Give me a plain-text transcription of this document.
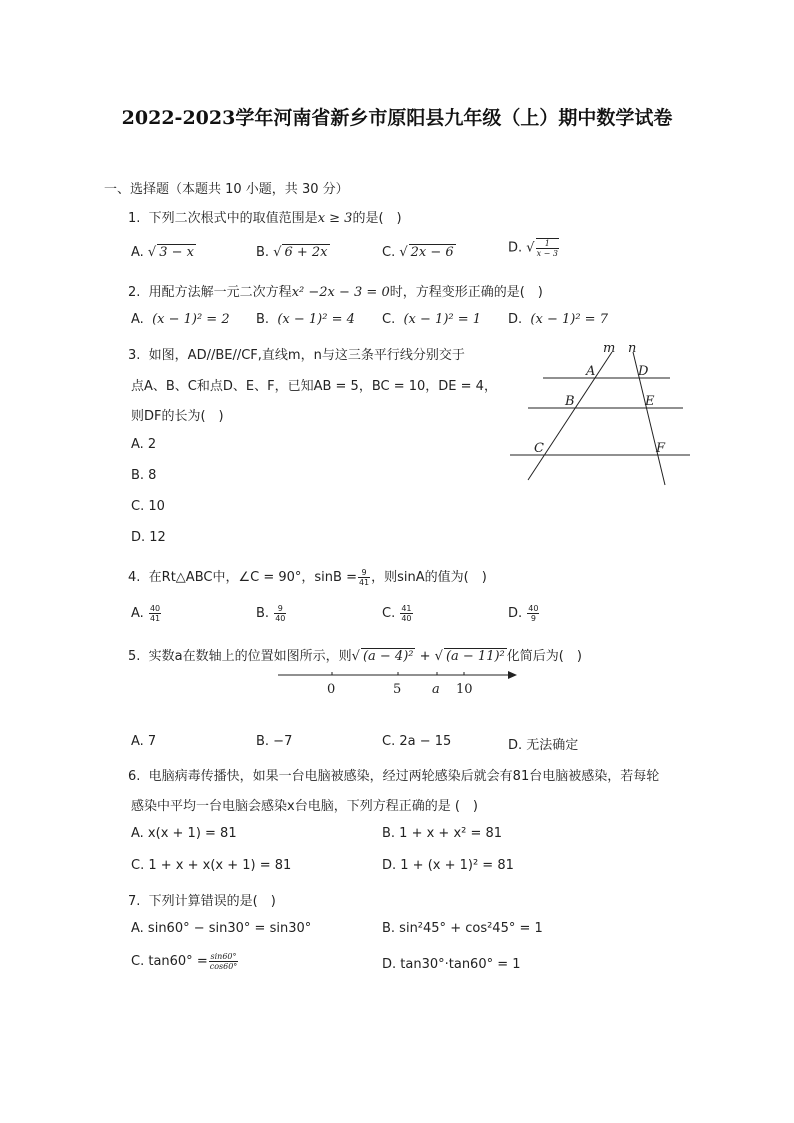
2022-2023学年河南省新乡市原阳县九年级（上）期中数学试卷
一、选择题（本题共 10 小题，共 30 分）
1. 下列二次根式中的取值范围是x ≥ 3的是(　)
A. √ 3 − x	B. √ 6 + 2x	C. √ 2x − 6	D. √ $\frac{1}{x - 3}$
2. 用配方法解一元二次方程x² −2x − 3 = 0时，方程变形正确的是(　)
A.  (x − 1)² = 2 B.  (x − 1)² = 4 C.  (x − 1)² = 1 D.  (x − 1)² = 7
3. 如图，AD//BE//CF,直线m，n与这三条平行线分别交于
点A、B、C和点D、E、F，已知AB = 5，BC = 10，DE = 4，
则DF的长为(　)
A. 2
B. 8
C. 10
D. 12
m n
A	D
B	E
C	F
4. 在Rt△ABC中，∠C = 90°，$\sin B = \frac{9}{41}$ ，则sinA的值为(　)
A. $\frac{40}{41}$	B. $\frac{9}{40}$	C. $\frac{41}{40}$	D. $\frac{40}{9}$
5. 实数a在数轴上的位置如图所示，则√ (a − 4)² + √ (a − 11)² 化简后为(　)
0	5 a 10
A. 7	B. −7	C. 2a − 15	D. 无法确定
6. 电脑病毒传播快，如果一台电脑被感染，经过两轮感染后就会有81台电脑被感染，若每轮
感染中平均一台电脑会感染x台电脑，下列方程正确的是 (　)
A. x(x + 1) = 81	B. 1 + x + x² = 81
C. 1 + x + x(x + 1) = 81	D. 1 + (x + 1)² = 81
7. 下列计算错误的是(　)
A. sin60° − sin30° = sin30°	B. sin²45° + cos²45° = 1
C. $\tan 60^\circ = \frac{\sin 60^\circ}{\cos 60^\circ}$	D. tan30°·tan60° = 1
